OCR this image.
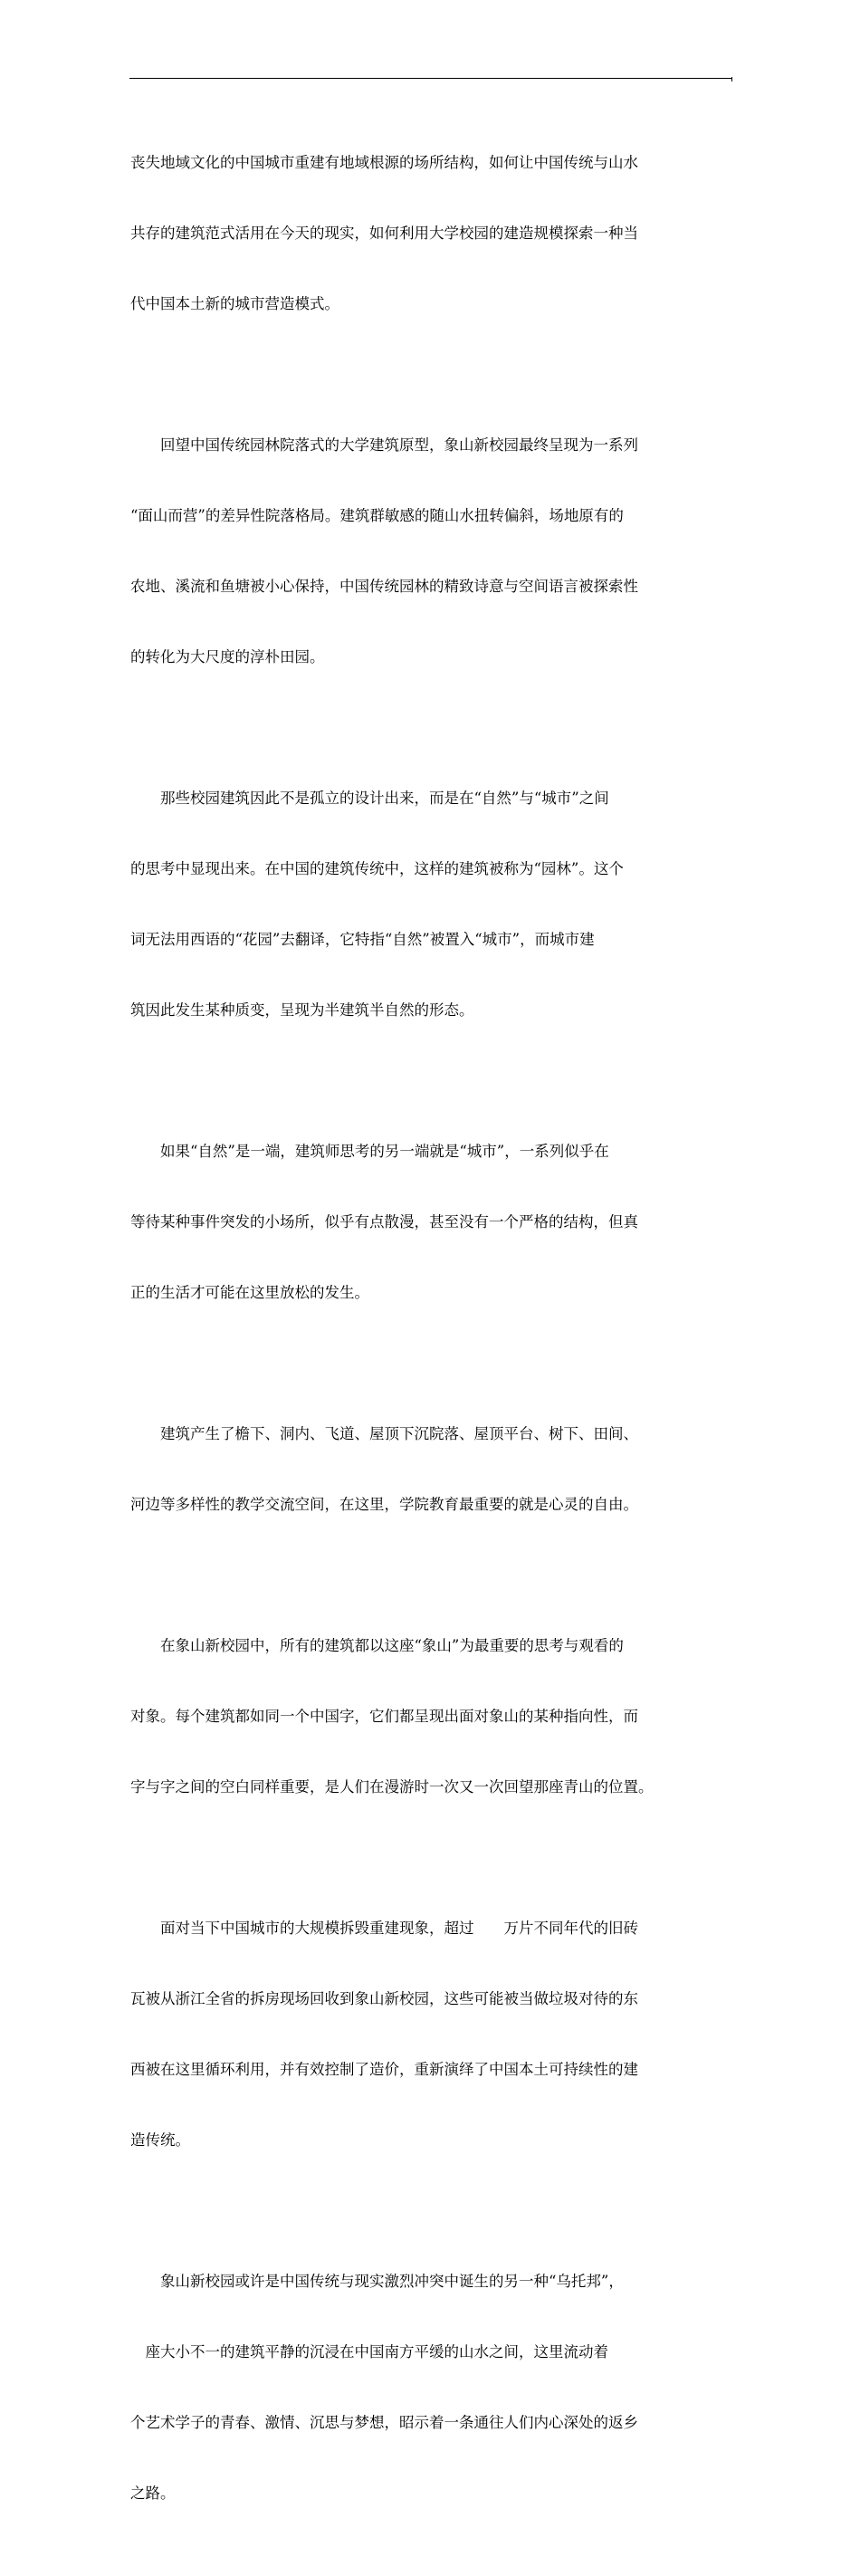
丧失地域文化的中国城市重建有地域根源的场所结构，如何让中国传统与山水

共存的建筑范式活用在今天的现实，如何利用大学校园的建造规模探索一种当

代中国本土新的城市营造模式。

回望中国传统园林院落式的大学建筑原型，象山新校园最终呈现为一系列

“面山而营”的差异性院落格局。建筑群敏感的随山水扭转偏斜，场地原有的

农地、溪流和鱼塘被小心保持，中国传统园林的精致诗意与空间语言被探索性

的转化为大尺度的淳朴田园。

那些校园建筑因此不是孤立的设计出来，而是在“自然”与“城市”之间

的思考中显现出来。在中国的建筑传统中，这样的建筑被称为“园林”。这个

词无法用西语的“花园”去翻译，它特指“自然”被置入“城市”，而城市建

筑因此发生某种质变，呈现为半建筑半自然的形态。

如果“自然”是一端，建筑师思考的另一端就是“城市”，一系列似乎在

等待某种事件突发的小场所，似乎有点散漫，甚至没有一个严格的结构，但真

正的生活才可能在这里放松的发生。

建筑产生了檐下、洞内、飞道、屋顶下沉院落、屋顶平台、树下、田间、

河边等多样性的教学交流空间，在这里，学院教育最重要的就是心灵的自由。

在象山新校园中，所有的建筑都以这座“象山”为最重要的思考与观看的

对象。每个建筑都如同一个中国字，它们都呈现出面对象山的某种指向性，而

字与字之间的空白同样重要，是人们在漫游时一次又一次回望那座青山的位置。

面对当下中国城市的大规模拆毁重建现象，超过　　万片不同年代的旧砖

瓦被从浙江全省的拆房现场回收到象山新校园，这些可能被当做垃圾对待的东

西被在这里循环利用，并有效控制了造价，重新演绎了中国本土可持续性的建

造传统。

象山新校园或许是中国传统与现实激烈冲突中诞生的另一种“乌托邦”，

　座大小不一的建筑平静的沉浸在中国南方平缓的山水之间，这里流动着

个艺术学子的青春、激情、沉思与梦想，昭示着一条通往人们内心深处的返乡

之路。
